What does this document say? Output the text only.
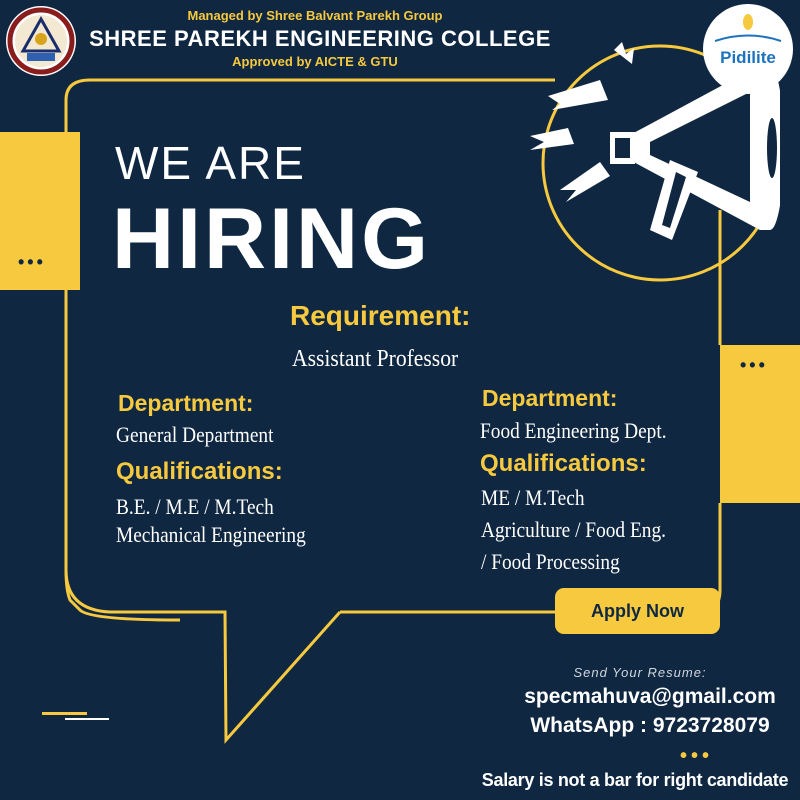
Pidilite
Managed by Shree Balvant Parekh Group
SHREE PAREKH ENGINEERING COLLEGE
Approved by AICTE & GTU
•••
•••
WE ARE
HIRING
Requirement:
Assistant Professor
Department:
General Department
Qualifications:
B.E. / M.E / M.Tech
Mechanical Engineering
Department:
Food Engineering Dept.
Qualifications:
ME / M.Tech
Agriculture / Food Eng.
/ Food Processing
Apply Now
Send Your Resume:
specmahuva@gmail.com
WhatsApp : 9723728079
•••
Salary is not a bar for right candidate
